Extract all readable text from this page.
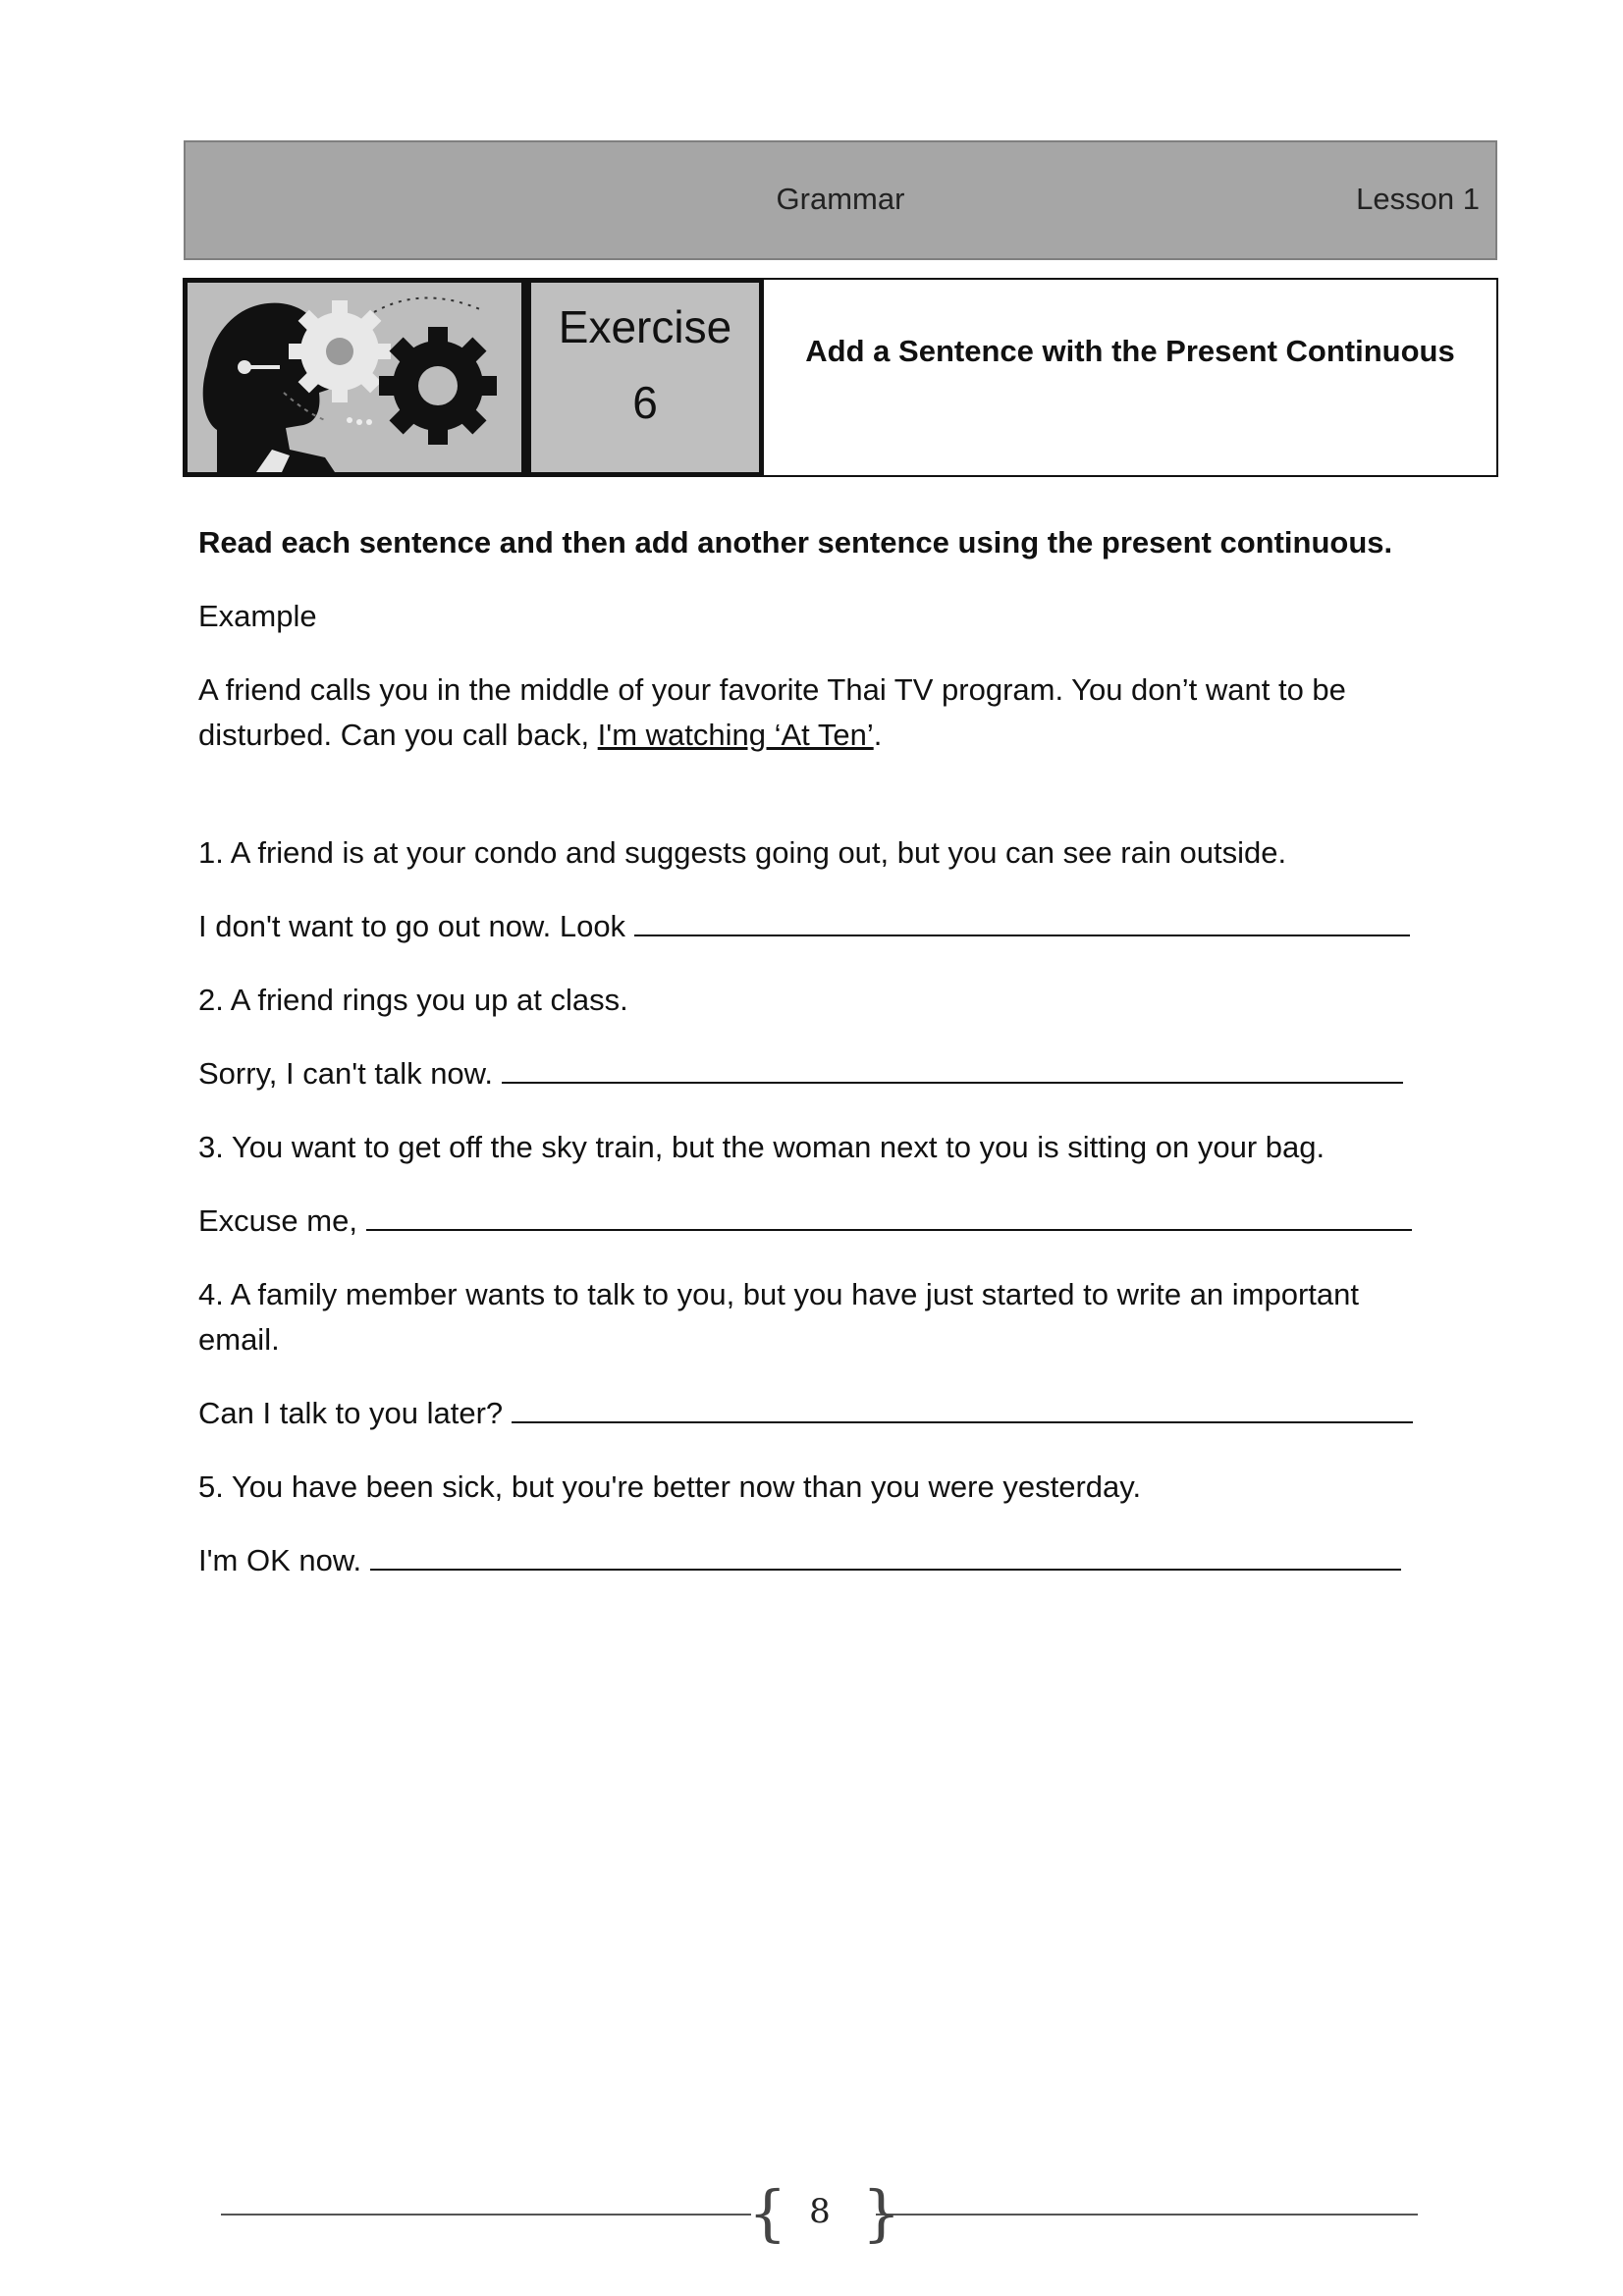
Grammar	Lesson 1
Exercise
6
Add a Sentence with the Present Continuous

Read each sentence and then add another sentence using the present continuous.

Example

A friend calls you in the middle of your favorite Thai TV program. You don’t want to be disturbed. Can you call back, I'm watching ‘At Ten’.

1. A friend is at your condo and suggests going out, but you can see rain outside.

I don't want to go out now. Look

2. A friend rings you up at class.

Sorry, I can't talk now.

3. You want to get off the sky train, but the woman next to you is sitting on your bag.

Excuse me,

4. A family member wants to talk to you, but you have just started to write an important email.

Can I talk to you later?

5. You have been sick, but you're better now than you were yesterday.

I'm OK now.

{ }
8
